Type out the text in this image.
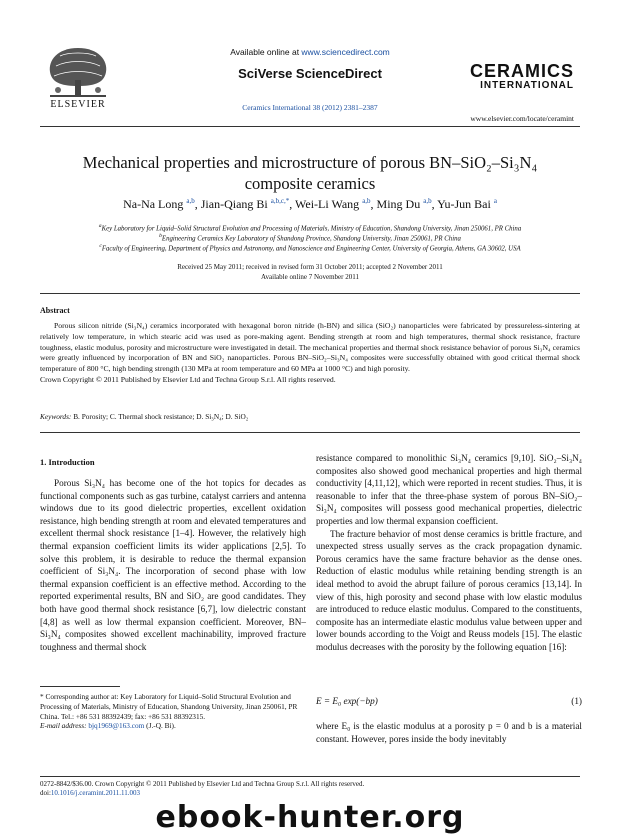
ELSEVIER
Available online at www.sciencedirect.com
SciVerse ScienceDirect
Ceramics International 38 (2012) 2381–2387
CERAMICS
INTERNATIONAL
www.elsevier.com/locate/ceramint
Mechanical properties and microstructure of porous BN–SiO₂–Si₃N₄
composite ceramics
Na-Na Long $^{a,b}$, Jian-Qiang Bi $^{a,b,c,*}$, Wei-Li Wang $^{a,b}$, Ming Du $^{a,b}$, Yu-Jun Bai $^a$
$^a$Key Laboratory for Liquid–Solid Structural Evolution and Processing of Materials, Ministry of Education, Shandong University, Jinan 250061, PR China
$^b$Engineering Ceramics Key Laboratory of Shandong Province, Shandong University, Jinan 250061, PR China
$^c$Faculty of Engineering, Department of Physics and Astronomy, and Nanoscience and Engineering Center, University of Georgia, Athens, GA 30602, USA
Received 25 May 2011; received in revised form 31 October 2011; accepted 2 November 2011
Available online 7 November 2011
Abstract

Porous silicon nitride (Si₃N₄) ceramics incorporated with hexagonal boron nitride (h-BN) and silica (SiO₂) nanoparticles were fabricated by pressureless-sintering at relatively low temperature, in which stearic acid was used as pore-making agent. Bending strength at room and high temperatures, thermal shock resistance, fracture toughness, elastic modulus, porosity and microstructure were investigated in detail. The mechanical properties and thermal shock resistance behavior of porous Si₃N₄ ceramics were greatly influenced by incorporation of BN and SiO₂ nanoparticles. Porous BN–SiO₂–Si₃N₄ composites were successfully obtained with good critical thermal shock temperature of 800 °C, high bending strength (130 MPa at room temperature and 60 MPa at 1000 °C) and high porosity.

Crown Copyright © 2011 Published by Elsevier Ltd and Techna Group S.r.l. All rights reserved.
Keywords: B. Porosity; C. Thermal shock resistance; D. Si₃N₄; D. SiO₂
1. Introduction

Porous Si₃N₄ has become one of the hot topics for decades as functional components such as gas turbine, catalyst carriers and antenna windows due to its good dielectric properties, excellent oxidation resistance, high bending strength at room and elevated temperatures and excellent thermal shock resistance [1–4]. However, the relatively high thermal expansion coefficient limits its wider applications [2,5]. To solve this problem, it is desirable to reduce the thermal expansion coefficient of Si₃N₄. The incorporation of second phase with low thermal expansion coefficient is an effective method. According to the reported experimental results, BN and SiO₂ are good candidates. They both have good thermal shock resistance [6,7], low dielectric constant [4,8] as well as low thermal expansion coefficient. Moreover, BN–Si₃N₄ composites showed excellent machinability, improved fracture toughness and thermal shock

resistance compared to monolithic Si₃N₄ ceramics [9,10]. SiO₂–Si₃N₄ composites also showed good mechanical properties and high thermal conductivity [4,11,12], which were reported in recent studies. Thus, it is reasonable to infer that the three-phase system of porous BN–SiO₂–Si₃N₄ composites will possess good mechanical properties, dielectric properties and low thermal expansion coefficient.

The fracture behavior of most dense ceramics is brittle fracture, and unexpected stress usually serves as the crack propagation dynamic. Porous ceramics have the same fracture behavior as the dense ones. Reduction of elastic modulus while retaining bending strength is an ideal method to avoid the abrupt failure of porous ceramics [13,14]. In view of this, high porosity and second phase with low elastic modulus are introduced to reduce elastic modulus. Compared to the constituents, composite has an intermediate elastic modulus value between upper and lower bounds according to the Voigt and Reuss models [15]. The elastic modulus decreases with the porosity by the following equation [16]:

E = E₀ exp(−bp)	(1)

where E₀ is the elastic modulus at a porosity p = 0 and b is a material constant. However, pores inside the body inevitably

* Corresponding author at: Key Laboratory for Liquid–Solid Structural Evolution and Processing of Materials, Ministry of Education, Shandong University, Jinan 250061, PR China. Tel.: +86 531 88392439; fax: +86 531 88392315.
E-mail address: bjq1969@163.com (J.-Q. Bi).
0272-8842/$36.00. Crown Copyright © 2011 Published by Elsevier Ltd and Techna Group S.r.l. All rights reserved.
doi:10.1016/j.ceramint.2011.11.003
ebook-hunter.org
